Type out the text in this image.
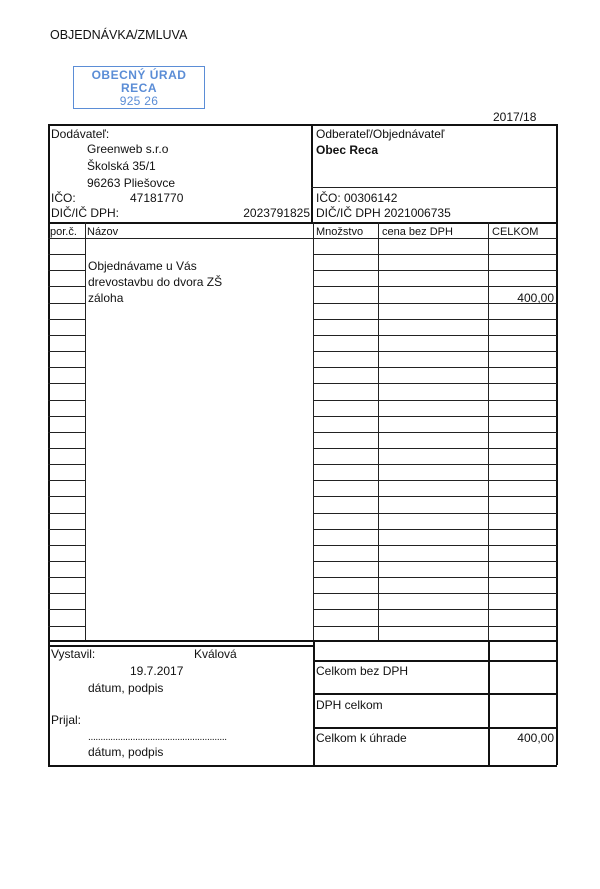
OBJEDNÁVKA/ZMLUVA
2017/18
OBECNÝ ÚRAD
RECA
925 26
Dodávateľ:
Greenweb s.r.o
Školská 35/1
96263 Pliešovce
IČO:	47181770
DIČ/IČ DPH:	2023791825
Odberateľ/Objednávateľ
Obec Reca
IČO: 00306142
DIČ/IČ DPH 2021006735
por.č. Názov	Množstvo cena bez DPH	CELKOM
Objednávame u Vás
drevostavbu do dvora ZŠ
záloha	400,00
Vystavil:	Kválová
19.7.2017
dátum, podpis
Prijal:
........................................................
dátum, podpis
Celkom bez DPH
DPH celkom
Celkom k úhrade	400,00
